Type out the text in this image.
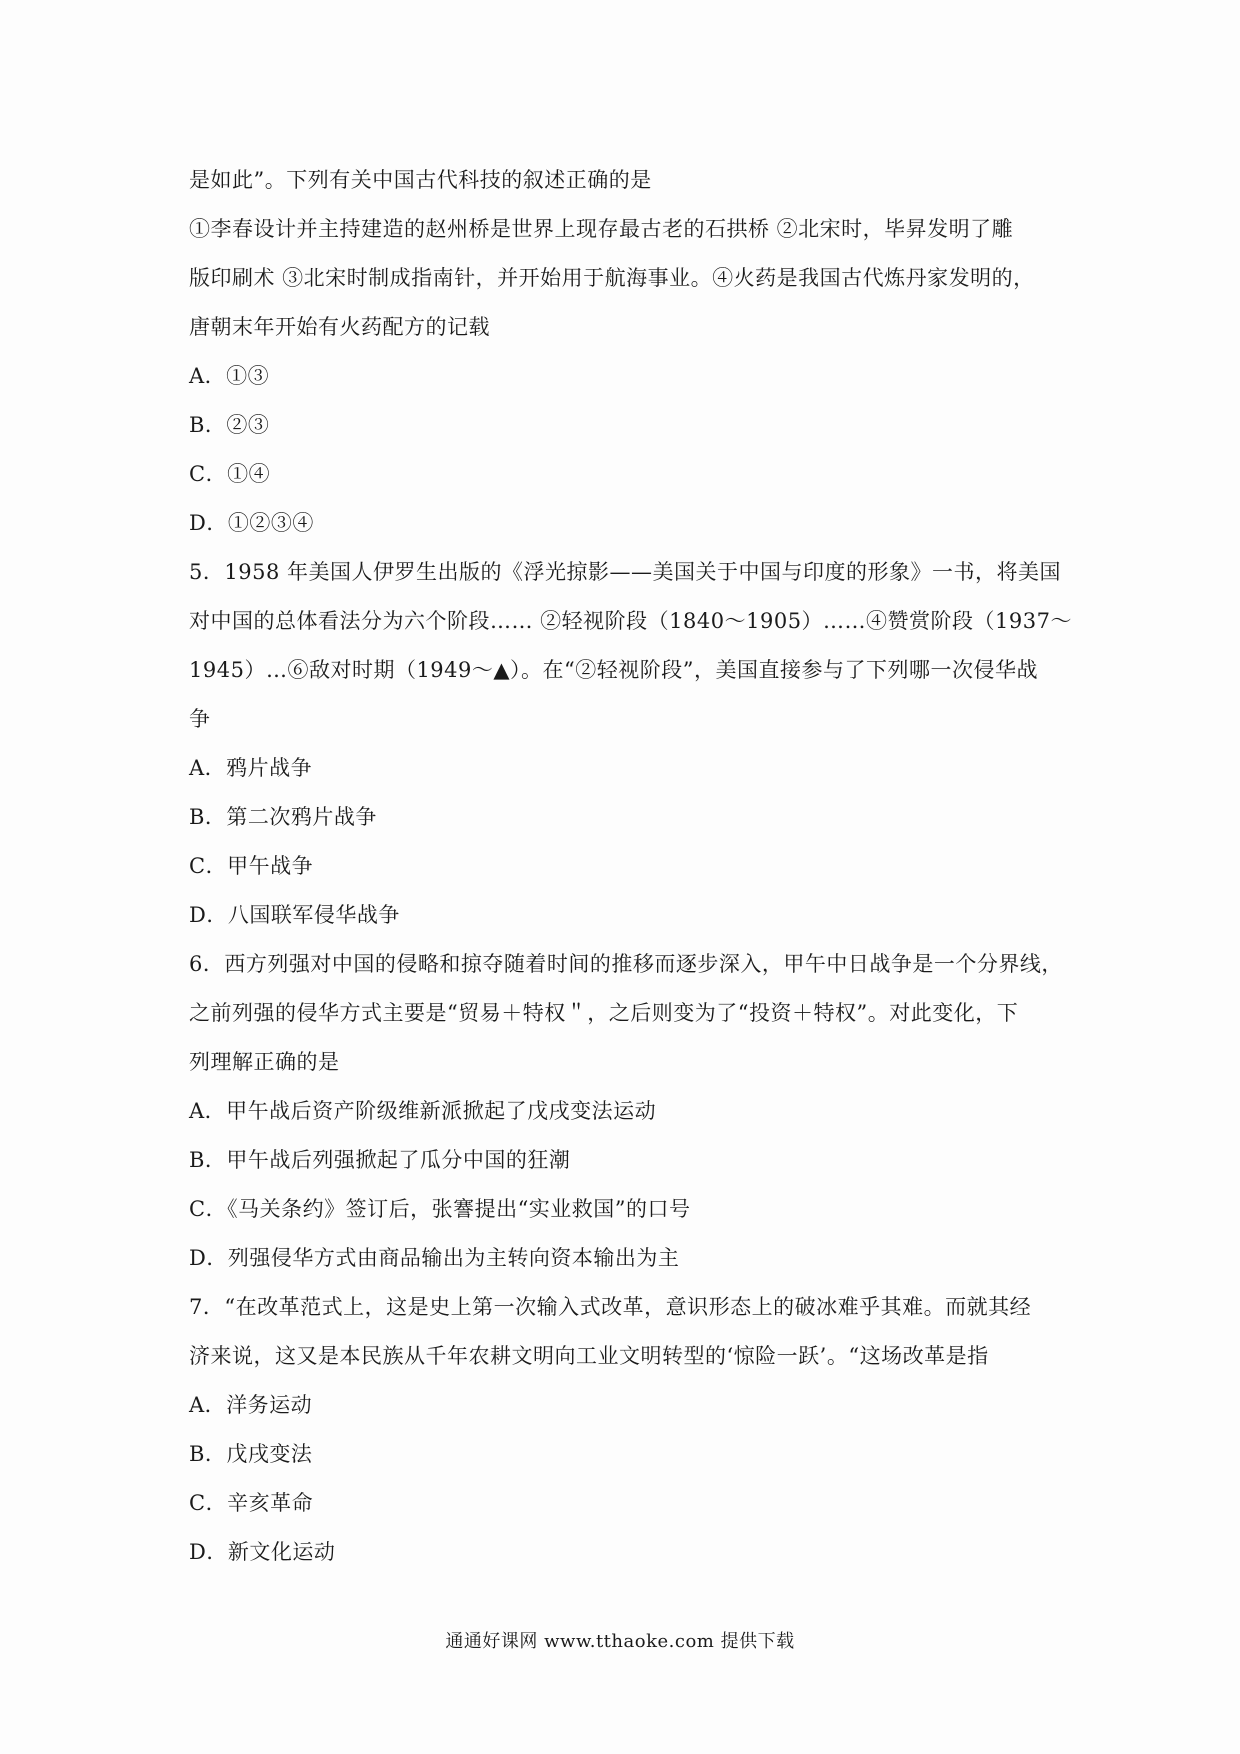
是如此”。下列有关中国古代科技的叙述正确的是
①李春设计并主持建造的赵州桥是世界上现存最古老的石拱桥 ②北宋时，毕昇发明了雕
版印刷术 ③北宋时制成指南针，并开始用于航海事业。④火药是我国古代炼丹家发明的，
唐朝末年开始有火药配方的记载
A．①③
B．②③
C．①④
D．①②③④
5．1958 年美国人伊罗生出版的《浮光掠影——美国关于中国与印度的形象》一书，将美国
对中国的总体看法分为六个阶段…… ②轻视阶段（1840～1905）……④赞赏阶段（1937～
1945）…⑥敌对时期（1949～▲）。在“②轻视阶段”，美国直接参与了下列哪一次侵华战
争
A．鸦片战争
B．第二次鸦片战争
C．甲午战争
D．八国联军侵华战争
6．西方列强对中国的侵略和掠夺随着时间的推移而逐步深入，甲午中日战争是一个分界线，
之前列强的侵华方式主要是“贸易＋特权＂，之后则变为了“投资＋特权”。对此变化，下
列理解正确的是
A．甲午战后资产阶级维新派掀起了戊戌变法运动
B．甲午战后列强掀起了瓜分中国的狂潮
C．《马关条约》签订后，张謇提出“实业救国”的口号
D．列强侵华方式由商品输出为主转向资本输出为主
7．“在改革范式上，这是史上第一次输入式改革，意识形态上的破冰难乎其难。而就其经
济来说，这又是本民族从千年农耕文明向工业文明转型的‘惊险一跃’。“这场改革是指
A．洋务运动
B．戊戌变法
C．辛亥革命
D．新文化运动
通通好课网 www.tthaoke.com 提供下载
